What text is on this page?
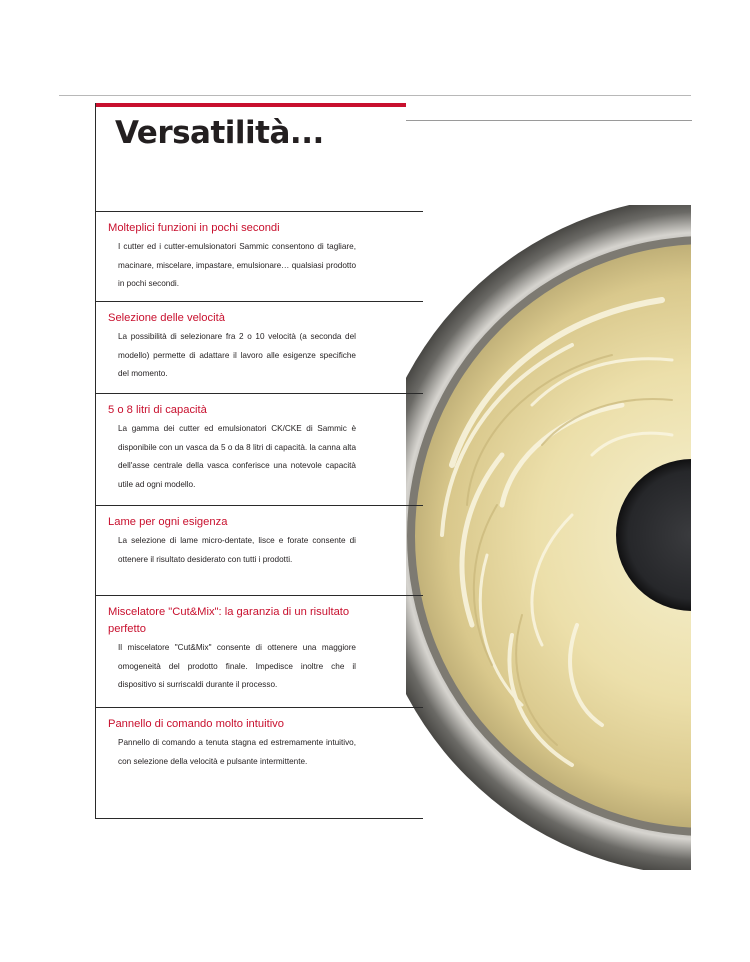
Versatilità...
Molteplici funzioni in pochi secondi
I cutter ed i cutter-emulsionatori Sammic consentono di tagliare, macinare, miscelare, impastare, emulsionare… qualsiasi prodotto in pochi secondi.
Selezione delle velocità
La possibilità di selezionare fra 2 o 10 velocità (a seconda del modello) permette di adattare il lavoro alle esigenze specifiche del momento.
5 o 8 litri di capacità
La gamma dei cutter ed emulsionatori CK/CKE di Sammic è disponibile con un vasca da 5 o da 8 litri di capacità. la canna alta dell'asse centrale della vasca conferisce una notevole capacità utile ad ogni modello.
Lame per ogni esigenza
La selezione di lame micro-dentate, lisce e forate consente di ottenere il risultato desiderato con tutti i prodotti.
Miscelatore "Cut&Mix": la garanzia di un risultato perfetto
Il miscelatore "Cut&Mix" consente di ottenere una maggiore omogeneità del prodotto finale. Impedisce inoltre che il dispositivo si surriscaldi durante il processo.
Pannello di comando molto intuitivo
Pannello di comando a tenuta stagna ed estremamente intuitivo, con selezione della velocità e pulsante intermittente.
